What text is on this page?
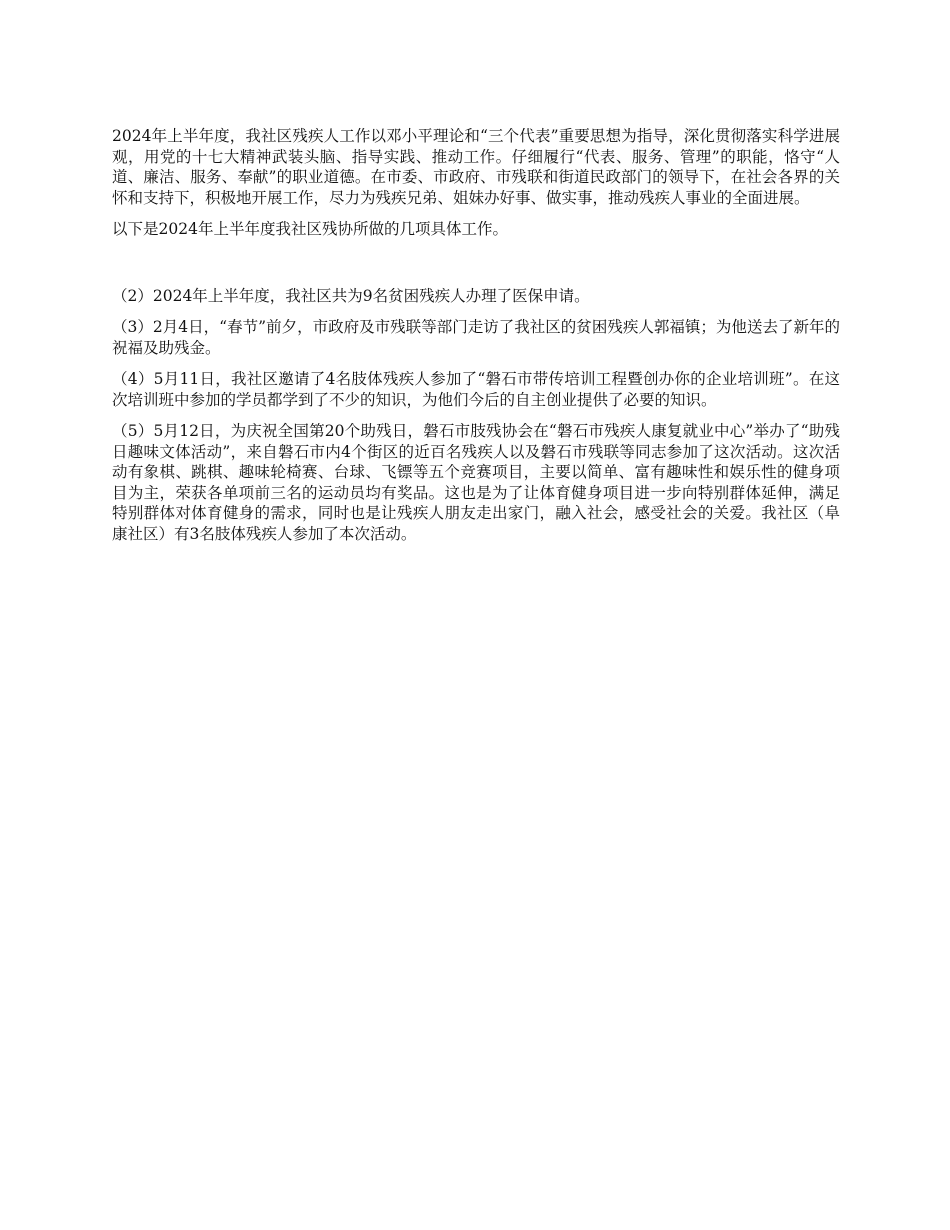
2024年上半年度，我社区残疾人工作以邓小平理论和“三个代表”重要思想为指导，深化贯彻落实科学进展观，用党的十七大精神武装头脑、指导实践、推动工作。仔细履行“代表、服务、管理”的职能，恪守“人道、廉洁、服务、奉献”的职业道德。在市委、市政府、市残联和街道民政部门的领导下，在社会各界的关怀和支持下，积极地开展工作，尽力为残疾兄弟、姐妹办好事、做实事，推动残疾人事业的全面进展。

以下是2024年上半年度我社区残协所做的几项具体工作。

（2）2024年上半年度，我社区共为9名贫困残疾人办理了医保申请。

（3）2月4日，“春节”前夕，市政府及市残联等部门走访了我社区的贫困残疾人郭福镇；为他送去了新年的祝福及助残金。

（4）5月11日，我社区邀请了4名肢体残疾人参加了“磐石市带传培训工程暨创办你的企业培训班”。在这次培训班中参加的学员都学到了不少的知识，为他们今后的自主创业提供了必要的知识。

（5）5月12日，为庆祝全国第20个助残日，磐石市肢残协会在“磐石市残疾人康复就业中心”举办了“助残日趣味文体活动”，来自磐石市内4个街区的近百名残疾人以及磐石市残联等同志参加了这次活动。这次活动有象棋、跳棋、趣味轮椅赛、台球、飞镖等五个竞赛项目，主要以简单、富有趣味性和娱乐性的健身项目为主，荣获各单项前三名的运动员均有奖品。这也是为了让体育健身项目进一步向特别群体延伸，满足特别群体对体育健身的需求，同时也是让残疾人朋友走出家门，融入社会，感受社会的关爱。我社区（阜康社区）有3名肢体残疾人参加了本次活动。
